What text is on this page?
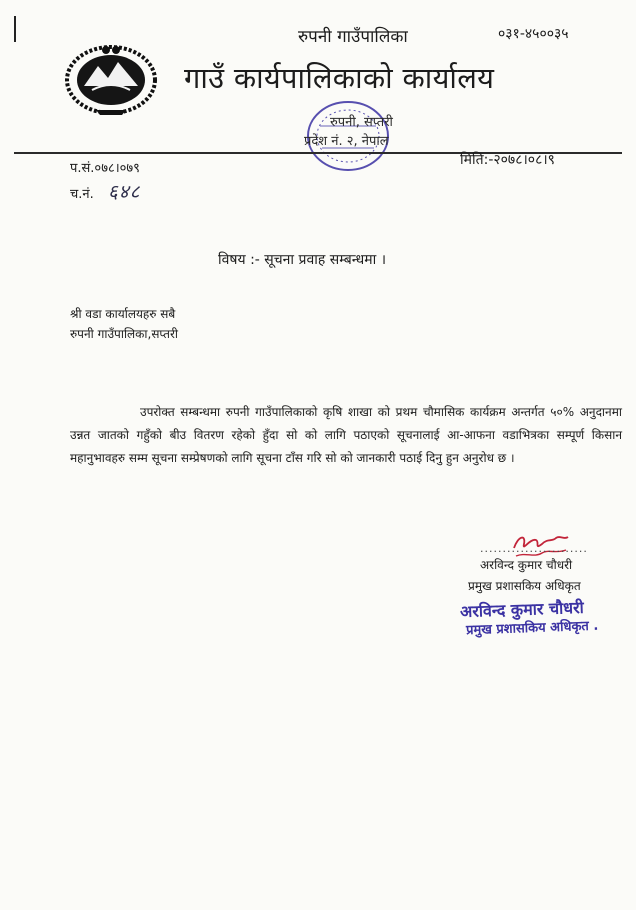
रुपनी गाउँपालिका	०३१-४५००३५
गाउँ कार्यपालिकाको कार्यालय
रुपनी, सप्तरी
प्रदेश नं. २, नेपाल
प.सं.०७८।०७९
मिति:-२०७८।०८।९
च.नं. ६४८
विषय :- सूचना प्रवाह सम्बन्धमा ।
श्री वडा कार्यालयहरु सबै
रुपनी गाउँपालिका,सप्तरी
उपरोक्त सम्बन्धमा रुपनी गाउँपालिकाको कृषि शाखा को प्रथम चौमासिक कार्यक्रम अन्तर्गत ५०% अनुदानमा उन्नत जातको गहुँको बीउ वितरण रहेको हुँदा सो को लागि पठाएको सूचनालाई आ-आफना वडाभित्रका सम्पूर्ण किसान महानुभावहरु सम्म सूचना सम्प्रेषणको लागि सूचना टाँस गरि सो को जानकारी पठाई दिनु हुन अनुरोध छ ।
........................
अरविन्द कुमार चौधरी
प्रमुख प्रशासकिय अधिकृत
अरविन्द कुमार चौधरी
प्रमुख प्रशासकिय अधिकृत .
